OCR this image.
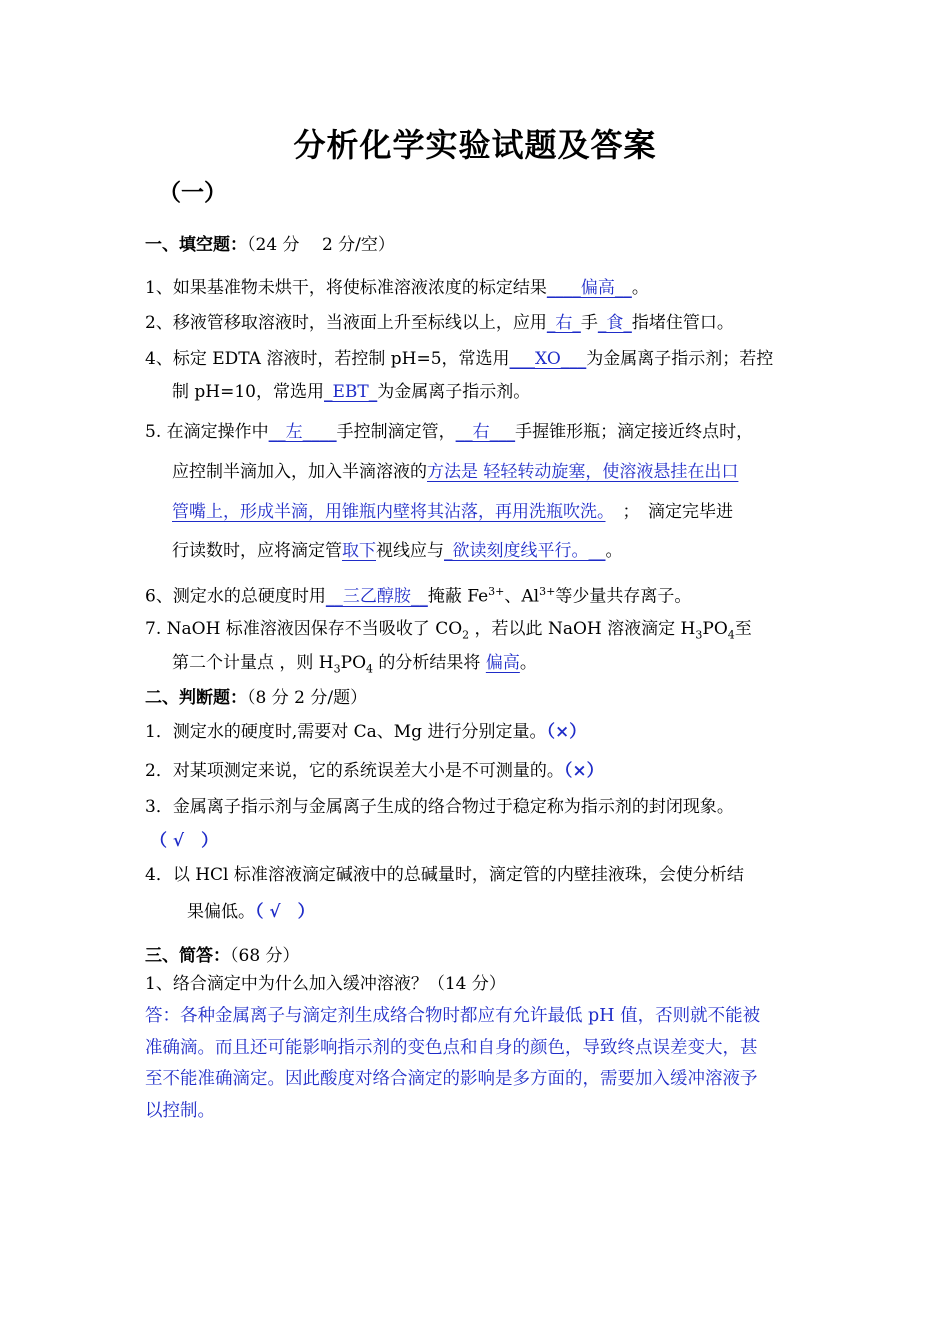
分析化学实验试题及答案
（一）
一、填空题：（24 分　 2 分/空）
1、如果基准物未烘干，将使标准溶液浓度的标定结果____偏高__。
2、移液管移取溶液时，当液面上升至标线以上，应用_右_手_食_指堵住管口。
4、标定 EDTA 溶液时，若控制 pH=5，常选用___XO___为金属离子指示剂；若控
制 pH=10，常选用_EBT_为金属离子指示剂。
5. 在滴定操作中__左____手控制滴定管，__右___手握锥形瓶；滴定接近终点时，
应控制半滴加入，加入半滴溶液的方法是 轻轻转动旋塞，使溶液悬挂在出口
管嘴上，形成半滴，用锥瓶内壁将其沾落，再用洗瓶吹洗。　；　滴定完毕进
行读数时，应将滴定管取下视线应与_欲读刻度线平行。__。
6、测定水的总硬度时用__三乙醇胺__掩蔽 $Fe^{3+}$、$Al^{3+}$等少量共存离子。
7. NaOH 标准溶液因保存不当吸收了 $CO_2$ ，若以此 NaOH 溶液滴定 $H_3PO_4$至
第二个计量点 ，则 $H_3PO_4$ 的分析结果将 偏高。
二、判断题：（8 分 2 分/题）
1．测定水的硬度时,需要对 Ca、Mg 进行分别定量。（×）
2．对某项测定来说，它的系统误差大小是不可测量的。（×）
3．金属离子指示剂与金属离子生成的络合物过于稳定称为指示剂的封闭现象。
（ √　）
4．以 HCl 标准溶液滴定碱液中的总碱量时，滴定管的内壁挂液珠，会使分析结
果偏低。（ √　）
三、简答：（68 分）
1、络合滴定中为什么加入缓冲溶液？（14 分）
答：各种金属离子与滴定剂生成络合物时都应有允许最低 pH 值，否则就不能被
准确滴。而且还可能影响指示剂的变色点和自身的颜色，导致终点误差变大，甚
至不能准确滴定。因此酸度对络合滴定的影响是多方面的，需要加入缓冲溶液予
以控制。
